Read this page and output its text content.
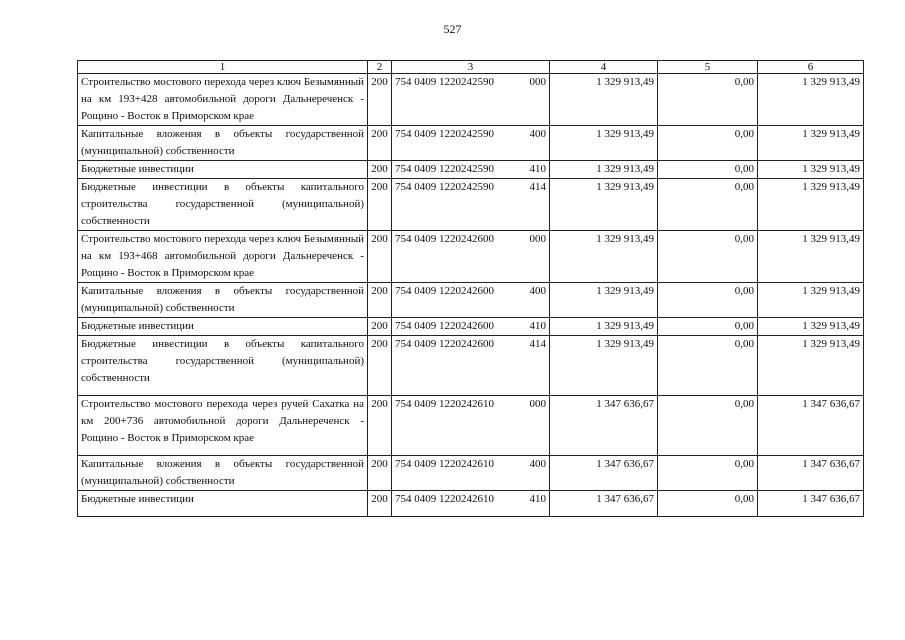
527
1	2	3	4	5	6
Строительство мостового перехода через ключ Безымянный на км 193+428 автомобильной дороги Дальнереченск - Рощино - Восток в Приморском крае	200	754 0409 1220242590 000	1 329 913,49	0,00	1 329 913,49
Капитальные вложения в объекты государственной (муниципальной) собственности	200	754 0409 1220242590 400	1 329 913,49	0,00	1 329 913,49
Бюджетные инвестиции	200	754 0409 1220242590 410	1 329 913,49	0,00	1 329 913,49
Бюджетные инвестиции в объекты капитального строительства государственной (муниципальной) собственности	200	754 0409 1220242590 414	1 329 913,49	0,00	1 329 913,49
Строительство мостового перехода через ключ Безымянный на км 193+468 автомобильной дороги Дальнереченск - Рощино - Восток в Приморском крае	200	754 0409 1220242600 000	1 329 913,49	0,00	1 329 913,49
Капитальные вложения в объекты государственной (муниципальной) собственности	200	754 0409 1220242600 400	1 329 913,49	0,00	1 329 913,49
Бюджетные инвестиции	200	754 0409 1220242600 410	1 329 913,49	0,00	1 329 913,49
Бюджетные инвестиции в объекты капитального строительства государственной (муниципальной) собственности	200	754 0409 1220242600 414	1 329 913,49	0,00	1 329 913,49
Строительство мостового перехода через ручей Сахатка на км 200+736 автомобильной дороги Дальнереченск - Рощино - Восток в Приморском крае	200	754 0409 1220242610 000	1 347 636,67	0,00	1 347 636,67
Капитальные вложения в объекты государственной (муниципальной) собственности	200	754 0409 1220242610 400	1 347 636,67	0,00	1 347 636,67
Бюджетные инвестиции	200	754 0409 1220242610 410	1 347 636,67	0,00	1 347 636,67
